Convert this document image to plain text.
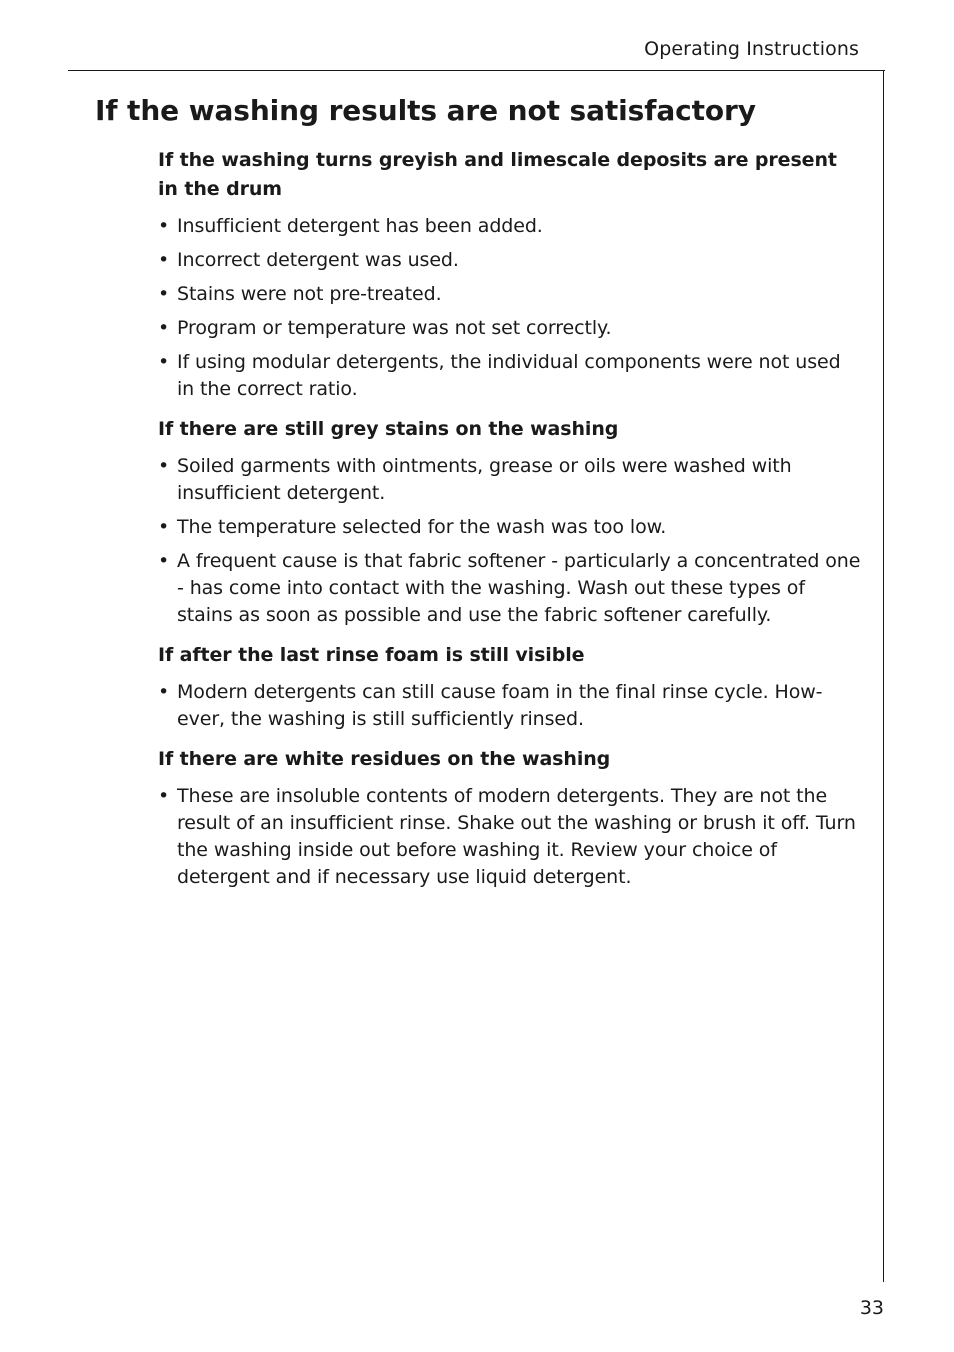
Operating Instructions
If the washing results are not satisfactory
If the washing turns greyish and limescale deposits are present in the drum
• Insufficient detergent has been added.
• Incorrect detergent was used.
• Stains were not pre-treated.
• Program or temperature was not set correctly.
• If using modular detergents, the individual components were not used in the correct ratio.
If there are still grey stains on the washing
• Soiled garments with ointments, grease or oils were washed with insufficient detergent.
• The temperature selected for the wash was too low.
• A frequent cause is that fabric softener - particularly a concentrated one - has come into contact with the washing. Wash out these types of stains as soon as possible and use the fabric softener carefully.
If after the last rinse foam is still visible
• Modern detergents can still cause foam in the final rinse cycle. How-ever, the washing is still sufficiently rinsed.
If there are white residues on the washing
• These are insoluble contents of modern detergents. They are not the result of an insufficient rinse. Shake out the washing or brush it off. Turn the washing inside out before washing it. Review your choice of detergent and if necessary use liquid detergent.
33
